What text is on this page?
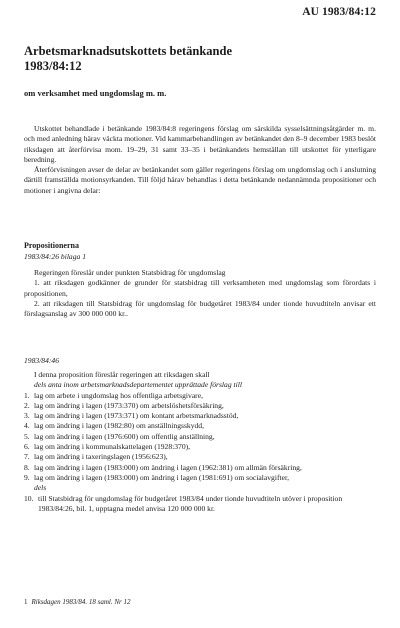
AU 1983/84:12
Arbetsmarknadsutskottets betänkande
1983/84:12
om verksamhet med ungdomslag m. m.

Utskottet behandlade i betänkande 1983/84:8 regeringens förslag om särskilda sysselsättningsåtgärder m. m. och med anledning härav väckta motioner. Vid kammarbehandlingen av betänkandet den 8–9 december 1983 beslöt riksdagen att återförvisa mom. 19–29, 31 samt 33–35 i betänkandets hemställan till utskottet för ytterligare beredning.

Återförvisningen avser de delar av betänkandet som gäller regeringens förslag om ungdomslag och i anslutning därtill framställda motionsyrkanden. Till följd härav behandlas i detta betänkande nedannämnda propositioner och motioner i angivna delar:

Propositionerna
1983/84:26 bilaga 1

Regeringen föreslår under punkten Statsbidrag för ungdomslag

1. att riksdagen godkänner de grunder för statsbidrag till verksamheten med ungdomslag som förordats i propositionen,

2. att riksdagen till Statsbidrag för ungdomslag för budgetåret 1983/84 under tionde huvudtiteln anvisar ett förslagsanslag av 300 000 000 kr..

1983/84:46

I denna proposition föreslår regeringen att riksdagen skall

dels anta inom arbetsmarknadsdepartementet upprättade förslag till
1. lag om arbete i ungdomslag hos offentliga arbetsgivare,
2. lag om ändring i lagen (1973:370) om arbetslöshetsförsäkring,
3. lag om ändring i lagen (1973:371) om kontant arbetsmarknadsstöd,
4. lag om ändring i lagen (1982:80) om anställningsskydd,
5. lag om ändring i lagen (1976:600) om offentlig anställning,
6. lag om ändring i kommunalskattelagen (1928:370),
7. lag om ändring i taxeringslagen (1956:623),
8. lag om ändring i lagen (1983:000) om ändring i lagen (1962:381) om allmän försäkring,
9. lag om ändring i lagen (1983:000) om ändring i lagen (1981:691) om socialavgifter,
dels
10. till Statsbidrag för ungdomslag för budgetåret 1983/84 under tionde huvudtiteln utöver i proposition 1983/84:26, bil. 1, upptagna medel anvisa 120 000 000 kr.
1 Riksdagen 1983/84. 18 saml. Nr 12
